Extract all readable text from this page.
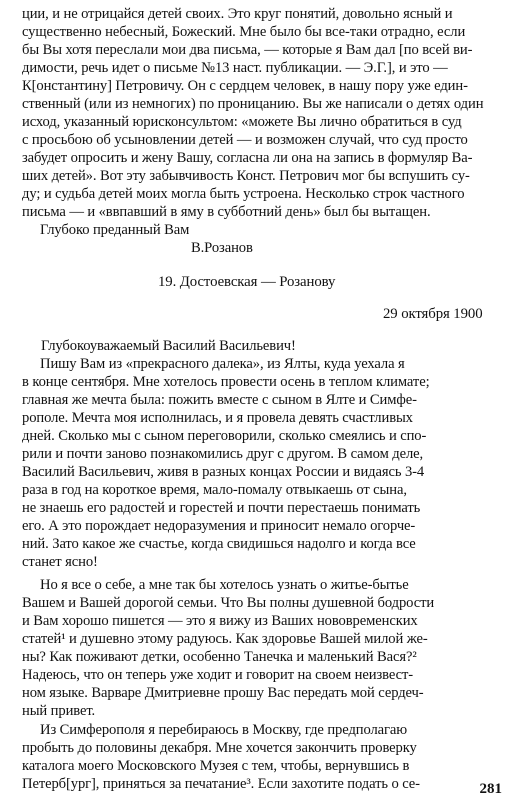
ции, и не отрицайся детей своих. Это круг понятий, довольно ясный и
существенно небесный, Божеский. Мне было бы все-таки отрадно, если
бы Вы хотя переслали мои два письма, — которые я Вам дал [по всей ви-
димости, речь идет о письме №13 наст. публикации. — Э.Г.], и это —
К[онстантину] Петровичу. Он с сердцем человек, в нашу пору уже един-
ственный (или из немногих) по проницанию. Вы же написали о детях один
исход, указанный юрисконсультом: «можете Вы лично обратиться в суд
с просьбою об усыновлении детей — и возможен случай, что суд просто
забудет опросить и жену Вашу, согласна ли она на запись в формуляр Ва-
ших детей». Вот эту забывчивость Конст. Петрович мог бы вспушить су-
ду; и судьба детей моих могла быть устроена. Несколько строк частного
письма — и «ввпавший в яму в субботний день» был бы вытащен.
Глубоко преданный Вам
В.Розанов
19. Достоевская — Розанову
29 октября 1900
Глубокоуважаемый Василий Васильевич!
Пишу Вам из «прекрасного далека», из Ялты, куда уехала я
в конце сентября. Мне хотелось провести осень в теплом климате;
главная же мечта была: пожить вместе с сыном в Ялте и Симфе-
рополе. Мечта моя исполнилась, и я провела девять счастливых
дней. Сколько мы с сыном переговорили, сколько смеялись и спо-
рили и почти заново познакомились друг с другом. В самом деле,
Василий Васильевич, живя в разных концах России и видаясь 3-4
раза в год на короткое время, мало-помалу отвыкаешь от сына,
не знаешь его радостей и горестей и почти перестаешь понимать
его. А это порождает недоразумения и приносит немало огорче-
ний. Зато какое же счастье, когда свидишься надолго и когда все
станет ясно!
Но я все о себе, а мне так бы хотелось узнать о житье-бытье
Вашем и Вашей дорогой семьи. Что Вы полны душевной бодрости
и Вам хорошо пишется — это я вижу из Ваших нововременских
статей¹ и душевно этому радуюсь. Как здоровье Вашей милой же-
ны? Как поживают детки, особенно Танечка и маленький Вася?²
Надеюсь, что он теперь уже ходит и говорит на своем неизвест-
ном языке. Варваре Дмитриевне прошу Вас передать мой сердеч-
ный привет.
Из Симферополя я перебираюсь в Москву, где предполагаю
пробыть до половины декабря. Мне хочется закончить проверку
каталога моего Московского Музея с тем, чтобы, вернувшись в
Петерб[ург], приняться за печатание³. Если захотите подать о се-	281
